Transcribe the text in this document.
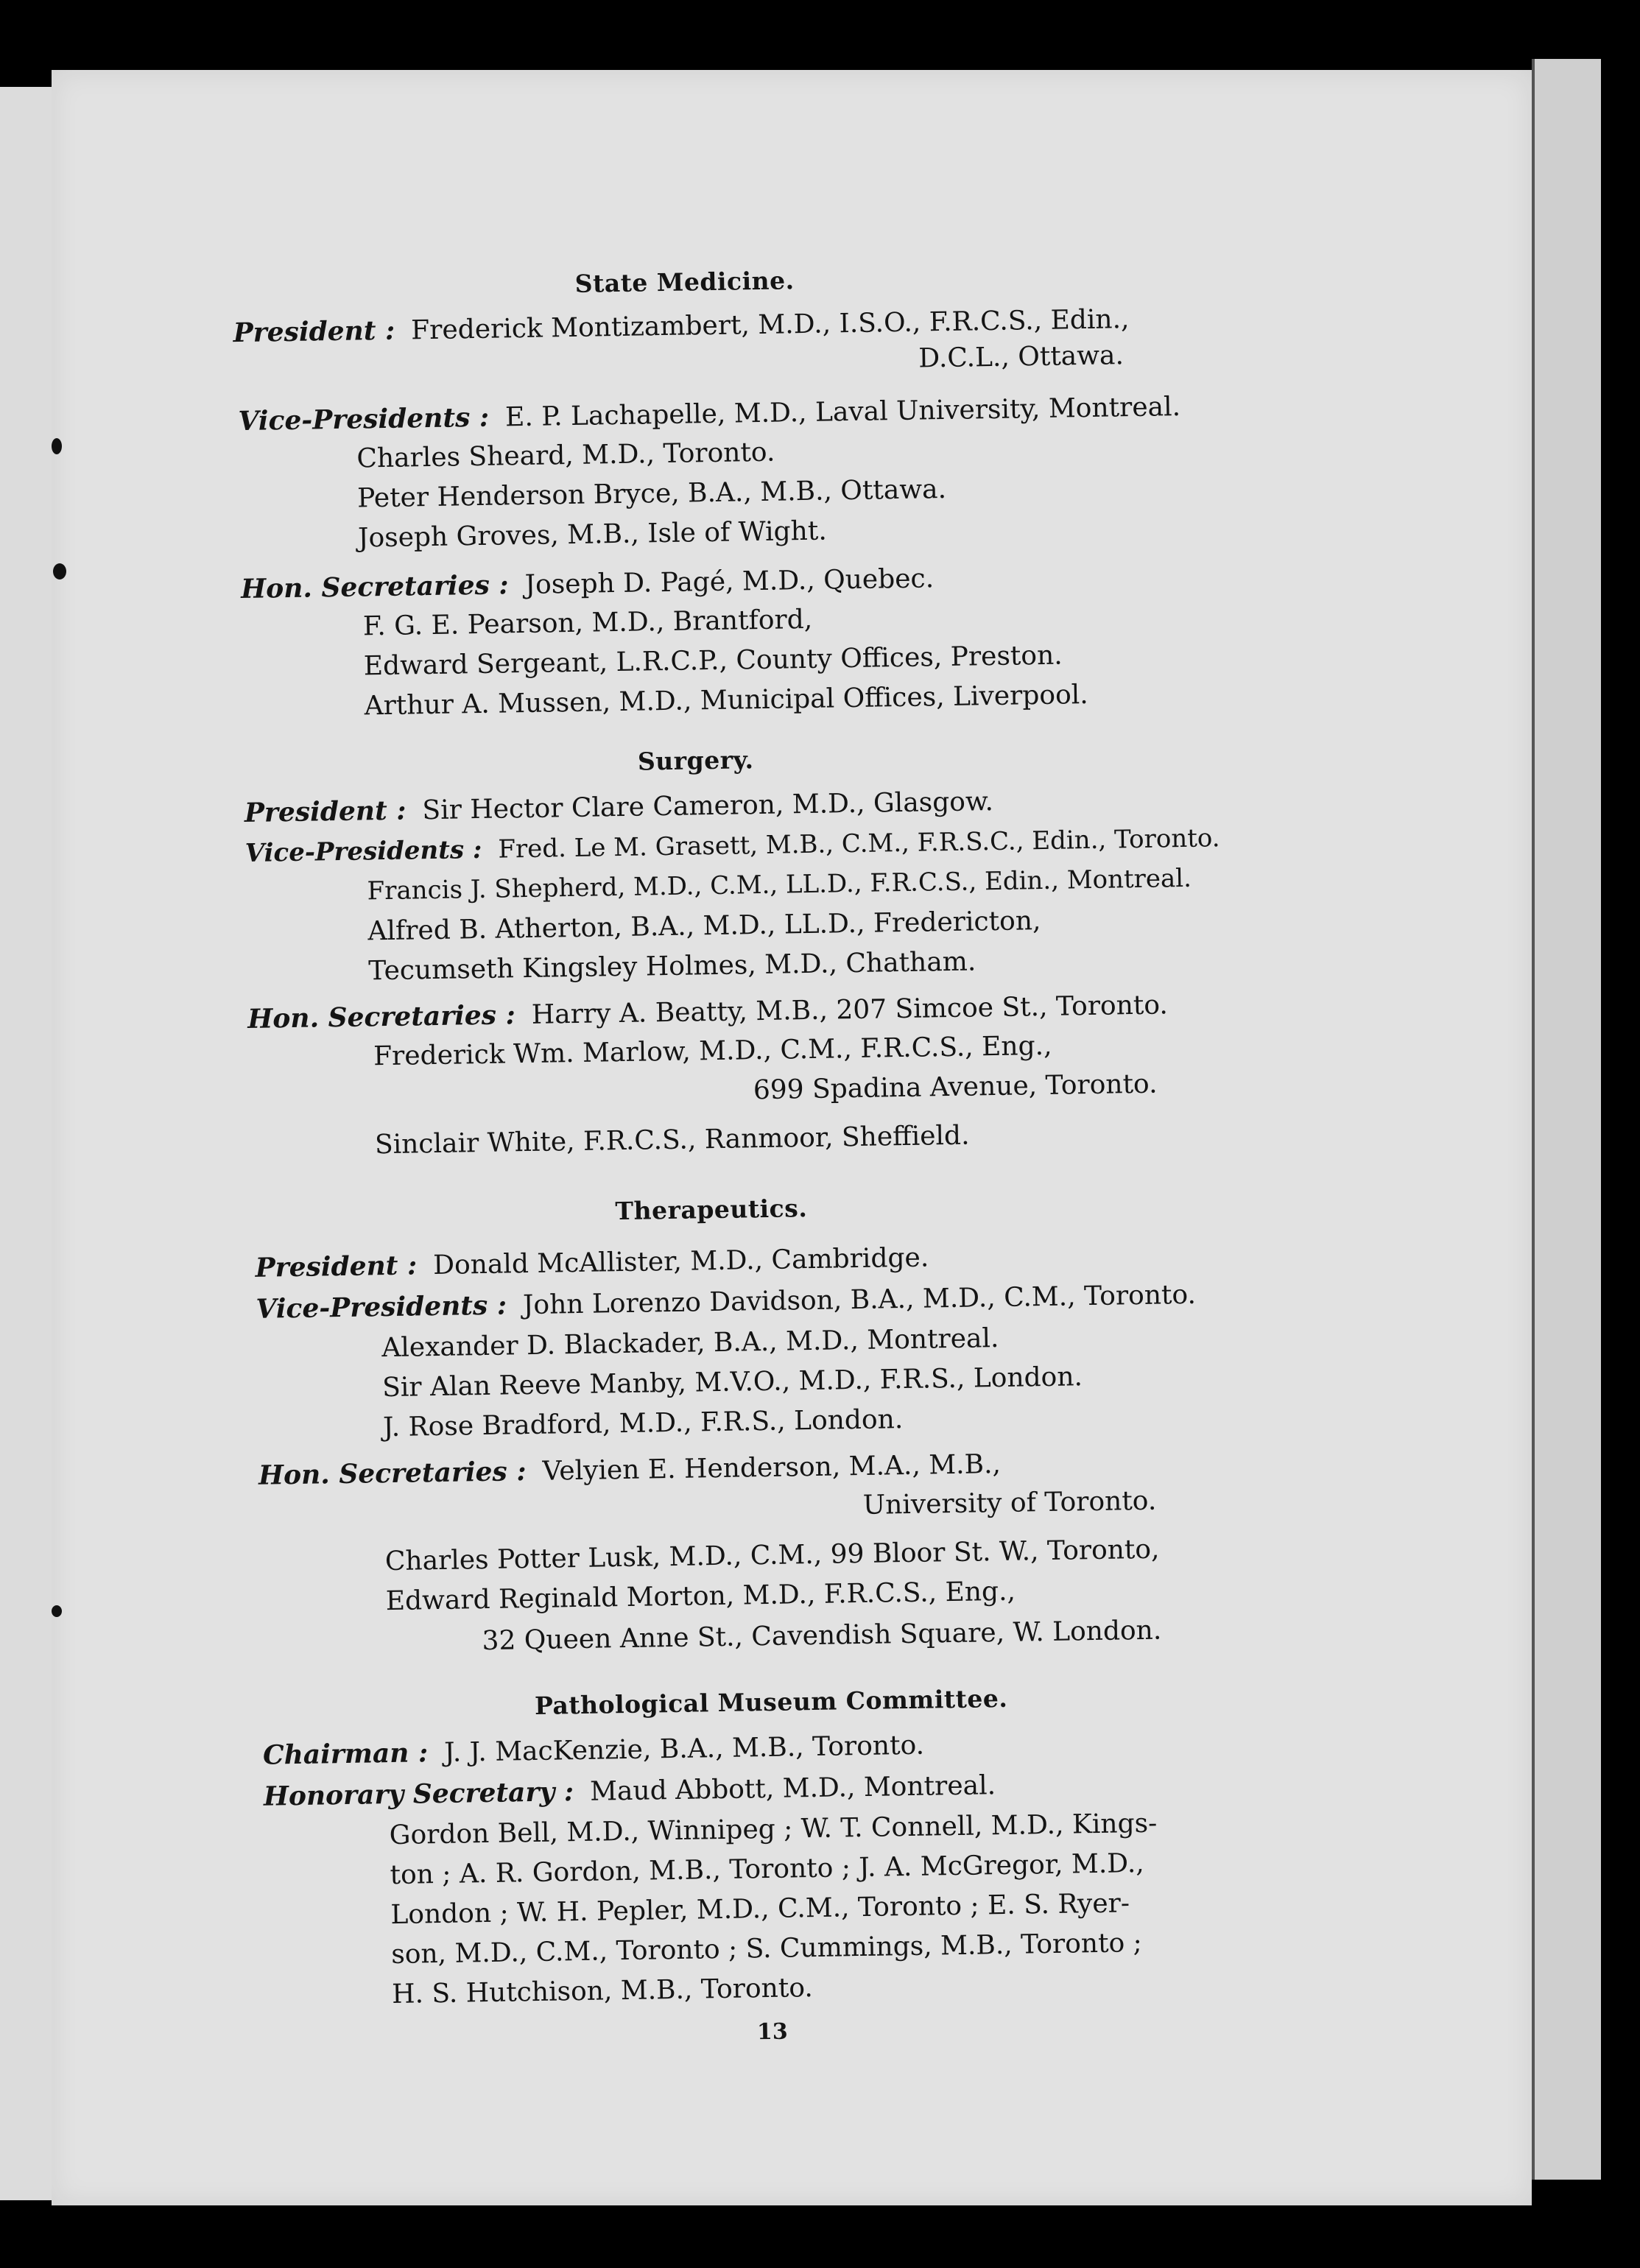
State Medicine.
President : Frederick Montizambert, M.D., I.S.O., F.R.C.S., Edin.,
D.C.L., Ottawa.
Vice-Presidents : E. P. Lachapelle, M.D., Laval University, Montreal.
Charles Sheard, M.D., Toronto.
Peter Henderson Bryce, B.A., M.B., Ottawa.
Joseph Groves, M.B., Isle of Wight.
Hon. Secretaries : Joseph D. Pagé, M.D., Quebec.
F. G. E. Pearson, M.D., Brantford,
Edward Sergeant, L.R.C.P., County Offices, Preston.
Arthur A. Mussen, M.D., Municipal Offices, Liverpool.
Surgery.
President : Sir Hector Clare Cameron, M.D., Glasgow.
Vice-Presidents : Fred. Le M. Grasett, M.B., C.M., F.R.S.C., Edin., Toronto.
Francis J. Shepherd, M.D., C.M., LL.D., F.R.C.S., Edin., Montreal.
Alfred B. Atherton, B.A., M.D., LL.D., Fredericton,
Tecumseth Kingsley Holmes, M.D., Chatham.
Hon. Secretaries : Harry A. Beatty, M.B., 207 Simcoe St., Toronto.
Frederick Wm. Marlow, M.D., C.M., F.R.C.S., Eng.,
699 Spadina Avenue, Toronto.
Sinclair White, F.R.C.S., Ranmoor, Sheffield.
Therapeutics.
President : Donald McAllister, M.D., Cambridge.
Vice-Presidents : John Lorenzo Davidson, B.A., M.D., C.M., Toronto.
Alexander D. Blackader, B.A., M.D., Montreal.
Sir Alan Reeve Manby, M.V.O., M.D., F.R.S., London.
J. Rose Bradford, M.D., F.R.S., London.
Hon. Secretaries : Velyien E. Henderson, M.A., M.B.,
University of Toronto.
Charles Potter Lusk, M.D., C.M., 99 Bloor St. W., Toronto,
Edward Reginald Morton, M.D., F.R.C.S., Eng.,
32 Queen Anne St., Cavendish Square, W. London.
Pathological Museum Committee.
Chairman : J. J. MacKenzie, B.A., M.B., Toronto.
Honorary Secretary : Maud Abbott, M.D., Montreal.
Gordon Bell, M.D., Winnipeg ; W. T. Connell, M.D., Kings-
ton ; A. R. Gordon, M.B., Toronto ; J. A. McGregor, M.D.,
London ; W. H. Pepler, M.D., C.M., Toronto ; E. S. Ryer-
son, M.D., C.M., Toronto ; S. Cummings, M.B., Toronto ;
H. S. Hutchison, M.B., Toronto.
13
